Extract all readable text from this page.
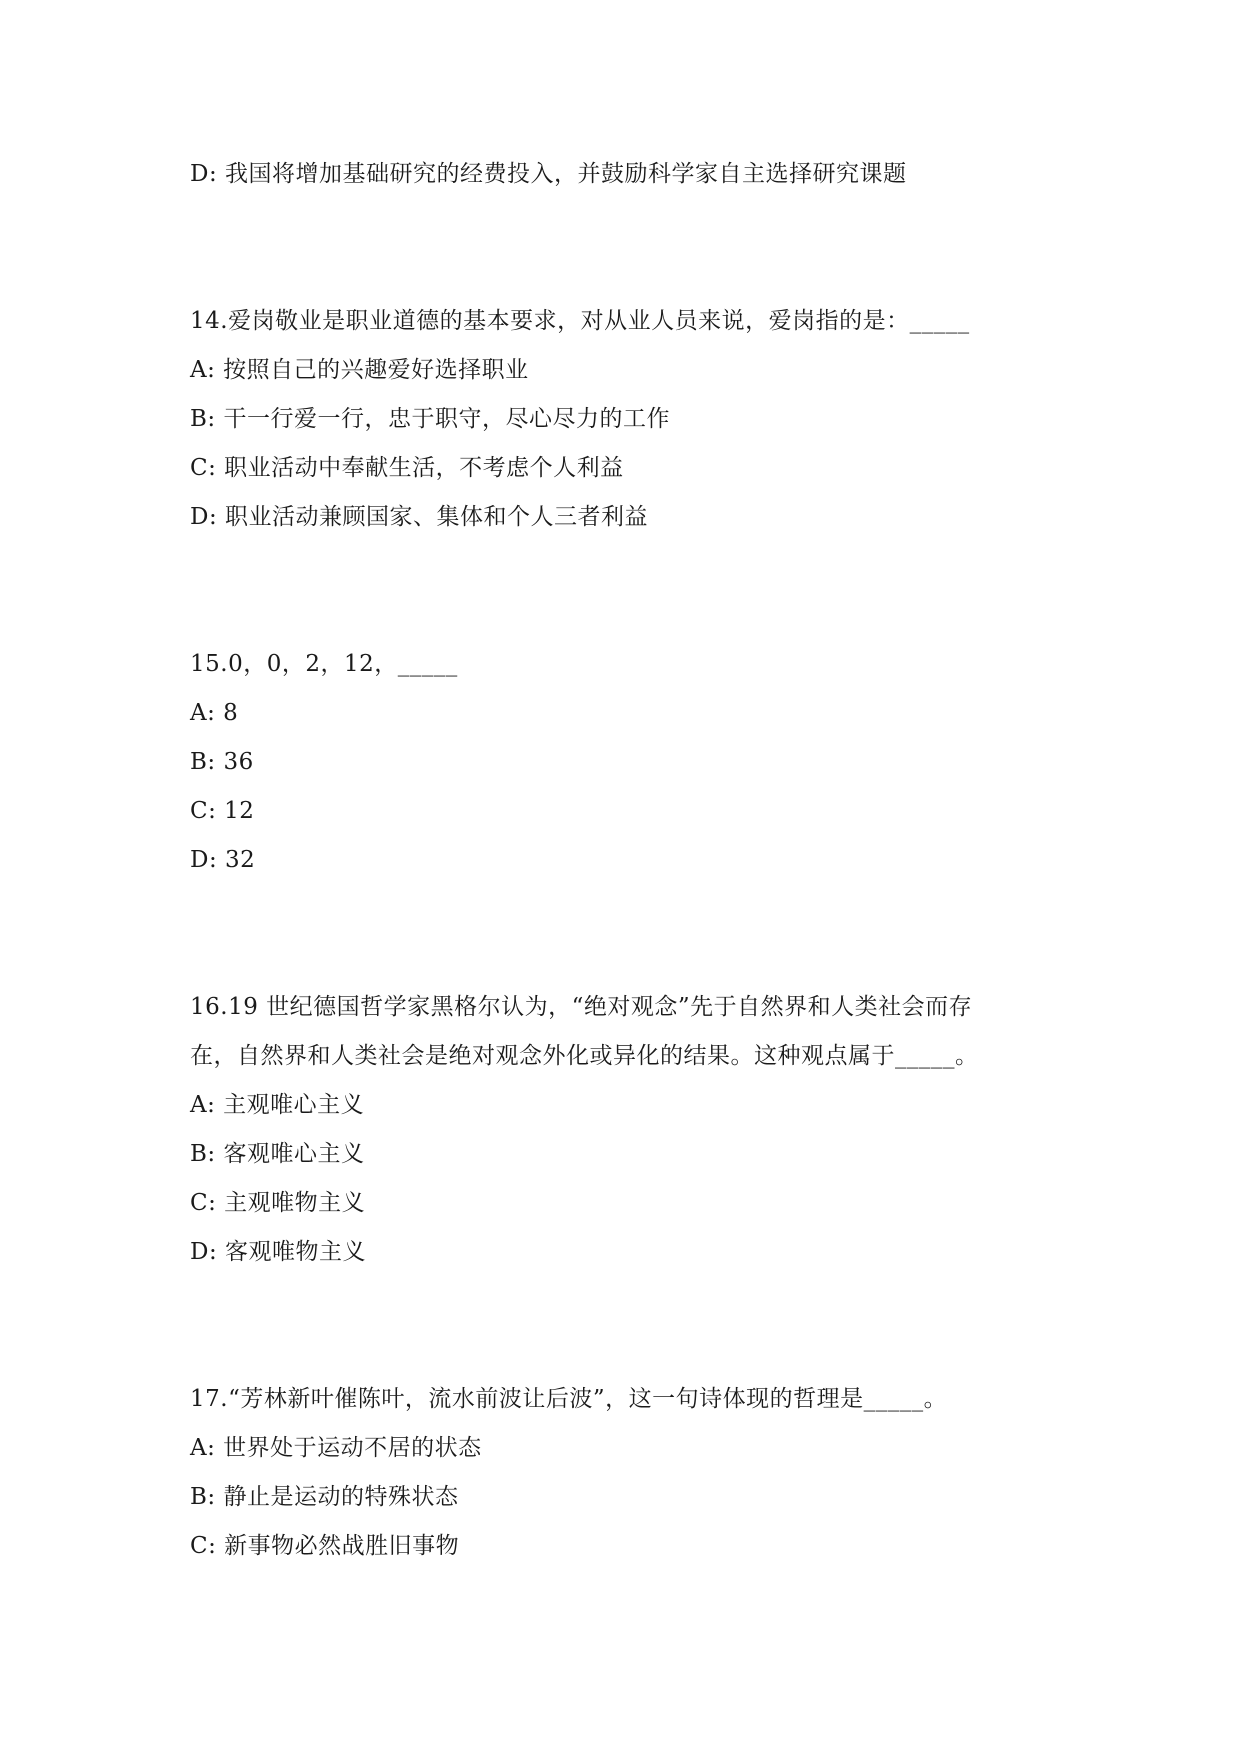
D: 我国将增加基础研究的经费投入，并鼓励科学家自主选择研究课题

14.爱岗敬业是职业道德的基本要求，对从业人员来说，爱岗指的是：_____

A: 按照自己的兴趣爱好选择职业

B: 干一行爱一行，忠于职守，尽心尽力的工作

C: 职业活动中奉献生活，不考虑个人利益

D: 职业活动兼顾国家、集体和个人三者利益

15.0，0，2，12，_____

A: 8

B: 36

C: 12

D: 32

16.19 世纪德国哲学家黑格尔认为，“绝对观念”先于自然界和人类社会而存

在，自然界和人类社会是绝对观念外化或异化的结果。这种观点属于_____。

A: 主观唯心主义

B: 客观唯心主义

C: 主观唯物主义

D: 客观唯物主义

17.“芳林新叶催陈叶，流水前波让后波”，这一句诗体现的哲理是_____。

A: 世界处于运动不居的状态

B: 静止是运动的特殊状态

C: 新事物必然战胜旧事物
